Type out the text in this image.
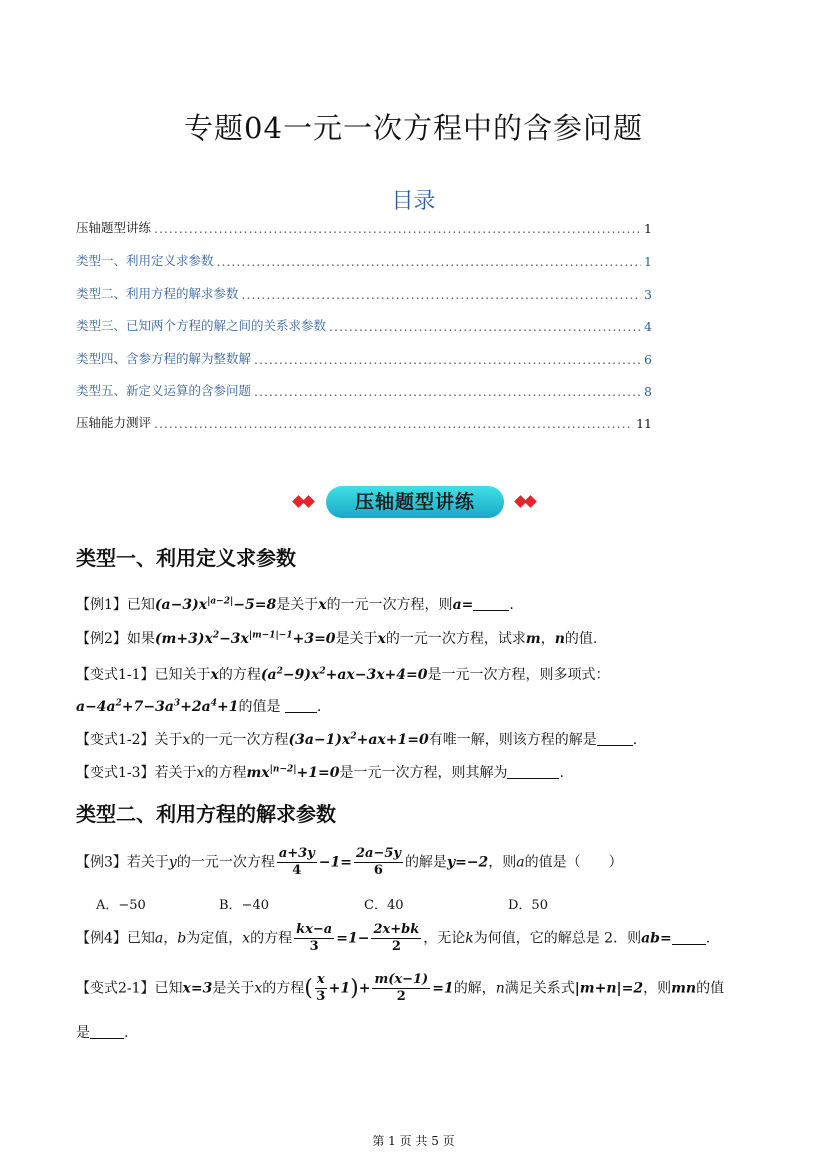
专题04一元一次方程中的含参问题
目录
压轴题型讲练 .....	1
类型一、利用定义求参数 .....	1
类型二、利用方程的解求参数 .....	3
类型三、已知两个方程的解之间的关系求参数 .....	4
类型四、含参方程的解为整数解 .....	6
类型五、新定义运算的含参问题 .....	8
压轴能力测评 .....	11
压轴题型讲练
类型一、利用定义求参数
【例1】已知$(a-3)x^{|a-2|}-5=8$是关于x的一元一次方程，则a=	.
【例2】如果$(m+3)x^2-3x^{|m-1|-1}+3=0$是关于x的一元一次方程，试求m，n的值.
【变式1-1】已知关于x的方程$(a^2-9)x^2+ax-3x+4=0$是一元一次方程，则多项式：
$a-4a^2+7-3a^3+2a^4+1$的值是	.
【变式1-2】关于x的一元一次方程$(3a-1)x^2+ax+1=0$有唯一解，则该方程的解是	.
【变式1-3】若关于x的方程$mx^{|n-2|}+1=0$是一元一次方程，则其解为	.
类型二、利用方程的解求参数
【例3】若关于y的一元一次方程 $\frac{a+3y}{4} -1= \frac{2a-5y}{6}$ 的解是y=−2，则a的值是（　　）
A．−50	B．−40	C．40	D．50
【例4】已知a，b为定值，x的方程 $\frac{kx-a}{3} =1- \frac{2x+bk}{2}$ ，无论k为何值，它的解总是 2．则ab= .
【变式2-1】已知x=3是关于x的方程( $\frac{x}{3} +1)+ \frac{m(x-1)}{2} =1$的解，n满足关系式|m+n|=2，则mn的值
是 .
第 1 页 共 5 页
